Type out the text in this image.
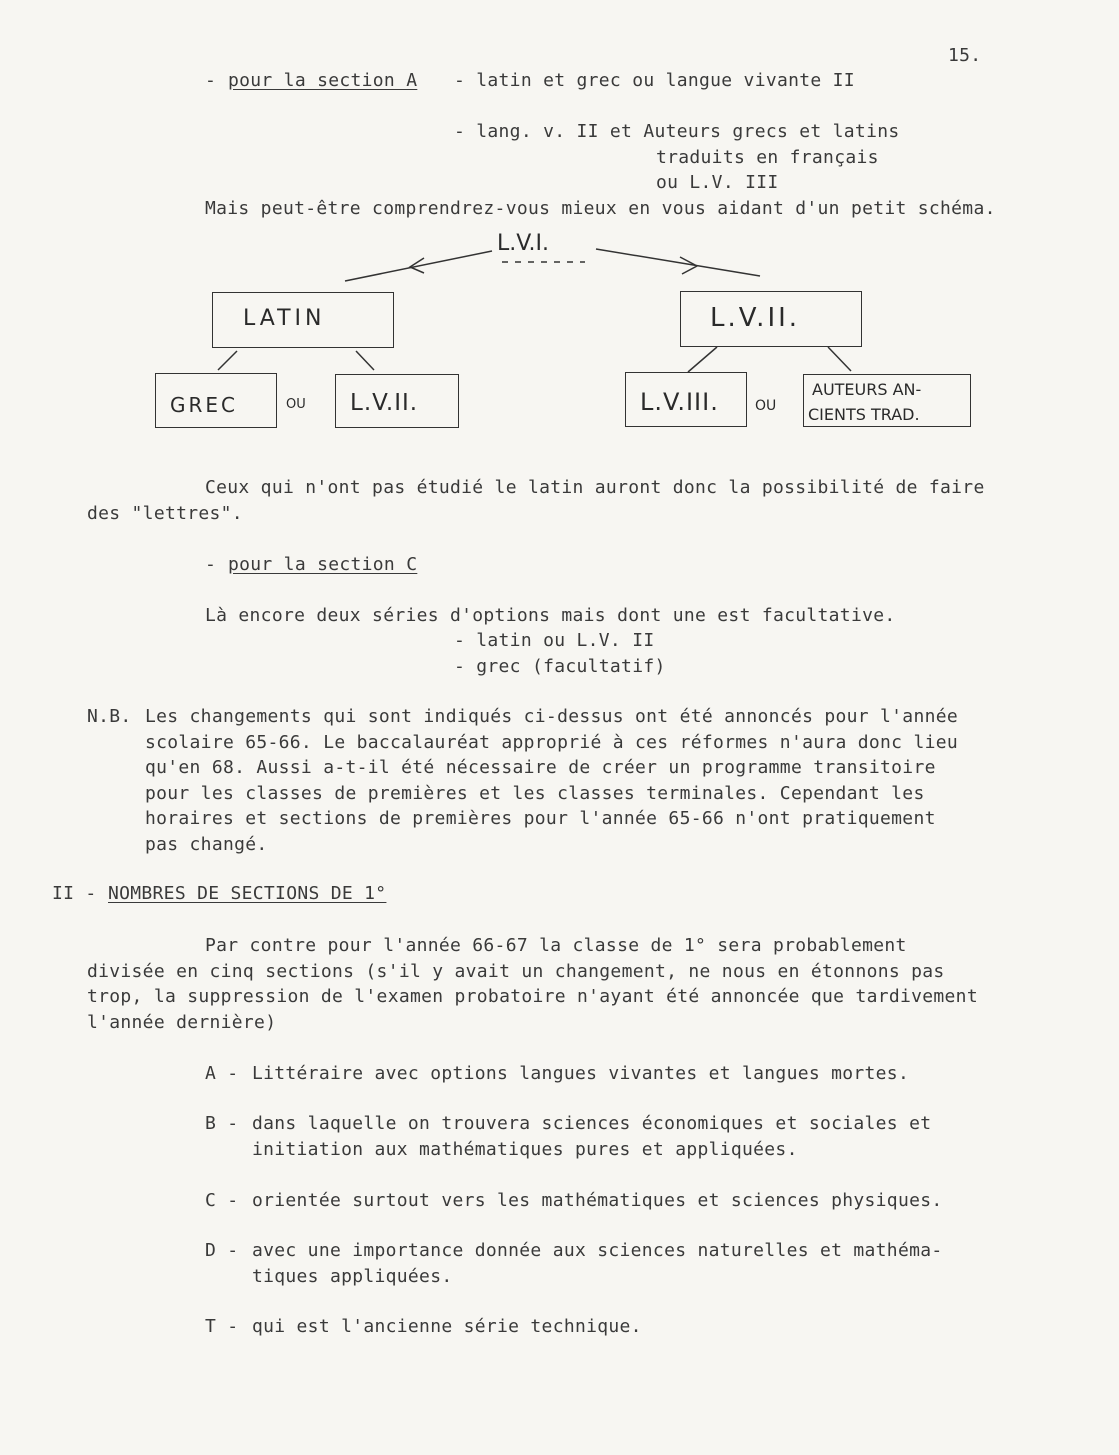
15.
- pour la section A - latin et grec ou langue vivante II
- lang. v. II et Auteurs grecs et latins
traduits en français
ou L.V. III
Mais peut-être comprendrez-vous mieux en vous aidant d'un petit schéma.
L.V.I.
LATIN	L.V.II.
GREC	OU L.V.II.	L.V.III.	OU
AUTEURS AN-
CIENTS TRAD.
Ceux qui n'ont pas étudié le latin auront donc la possibilité de faire
des "lettres".
- pour la section C
Là encore deux séries d'options mais dont une est facultative.
- latin ou L.V. II
- grec (facultatif)
N.B. Les changements qui sont indiqués ci-dessus ont été annoncés pour l'année
scolaire 65-66. Le baccalauréat approprié à ces réformes n'aura donc lieu
qu'en 68. Aussi a-t-il été nécessaire de créer un programme transitoire
pour les classes de premières et les classes terminales. Cependant les
horaires et sections de premières pour l'année 65-66 n'ont pratiquement
pas changé.
II - NOMBRES DE SECTIONS DE 1°
Par contre pour l'année 66-67 la classe de 1° sera probablement
divisée en cinq sections (s'il y avait un changement, ne nous en étonnons pas
trop, la suppression de l'examen probatoire n'ayant été annoncée que tardivement
l'année dernière)
A - Littéraire avec options langues vivantes et langues mortes.
B - dans laquelle on trouvera sciences économiques et sociales et
initiation aux mathématiques pures et appliquées.
C - orientée surtout vers les mathématiques et sciences physiques.
D - avec une importance donnée aux sciences naturelles et mathéma-
tiques appliquées.
T - qui est l'ancienne série technique.
